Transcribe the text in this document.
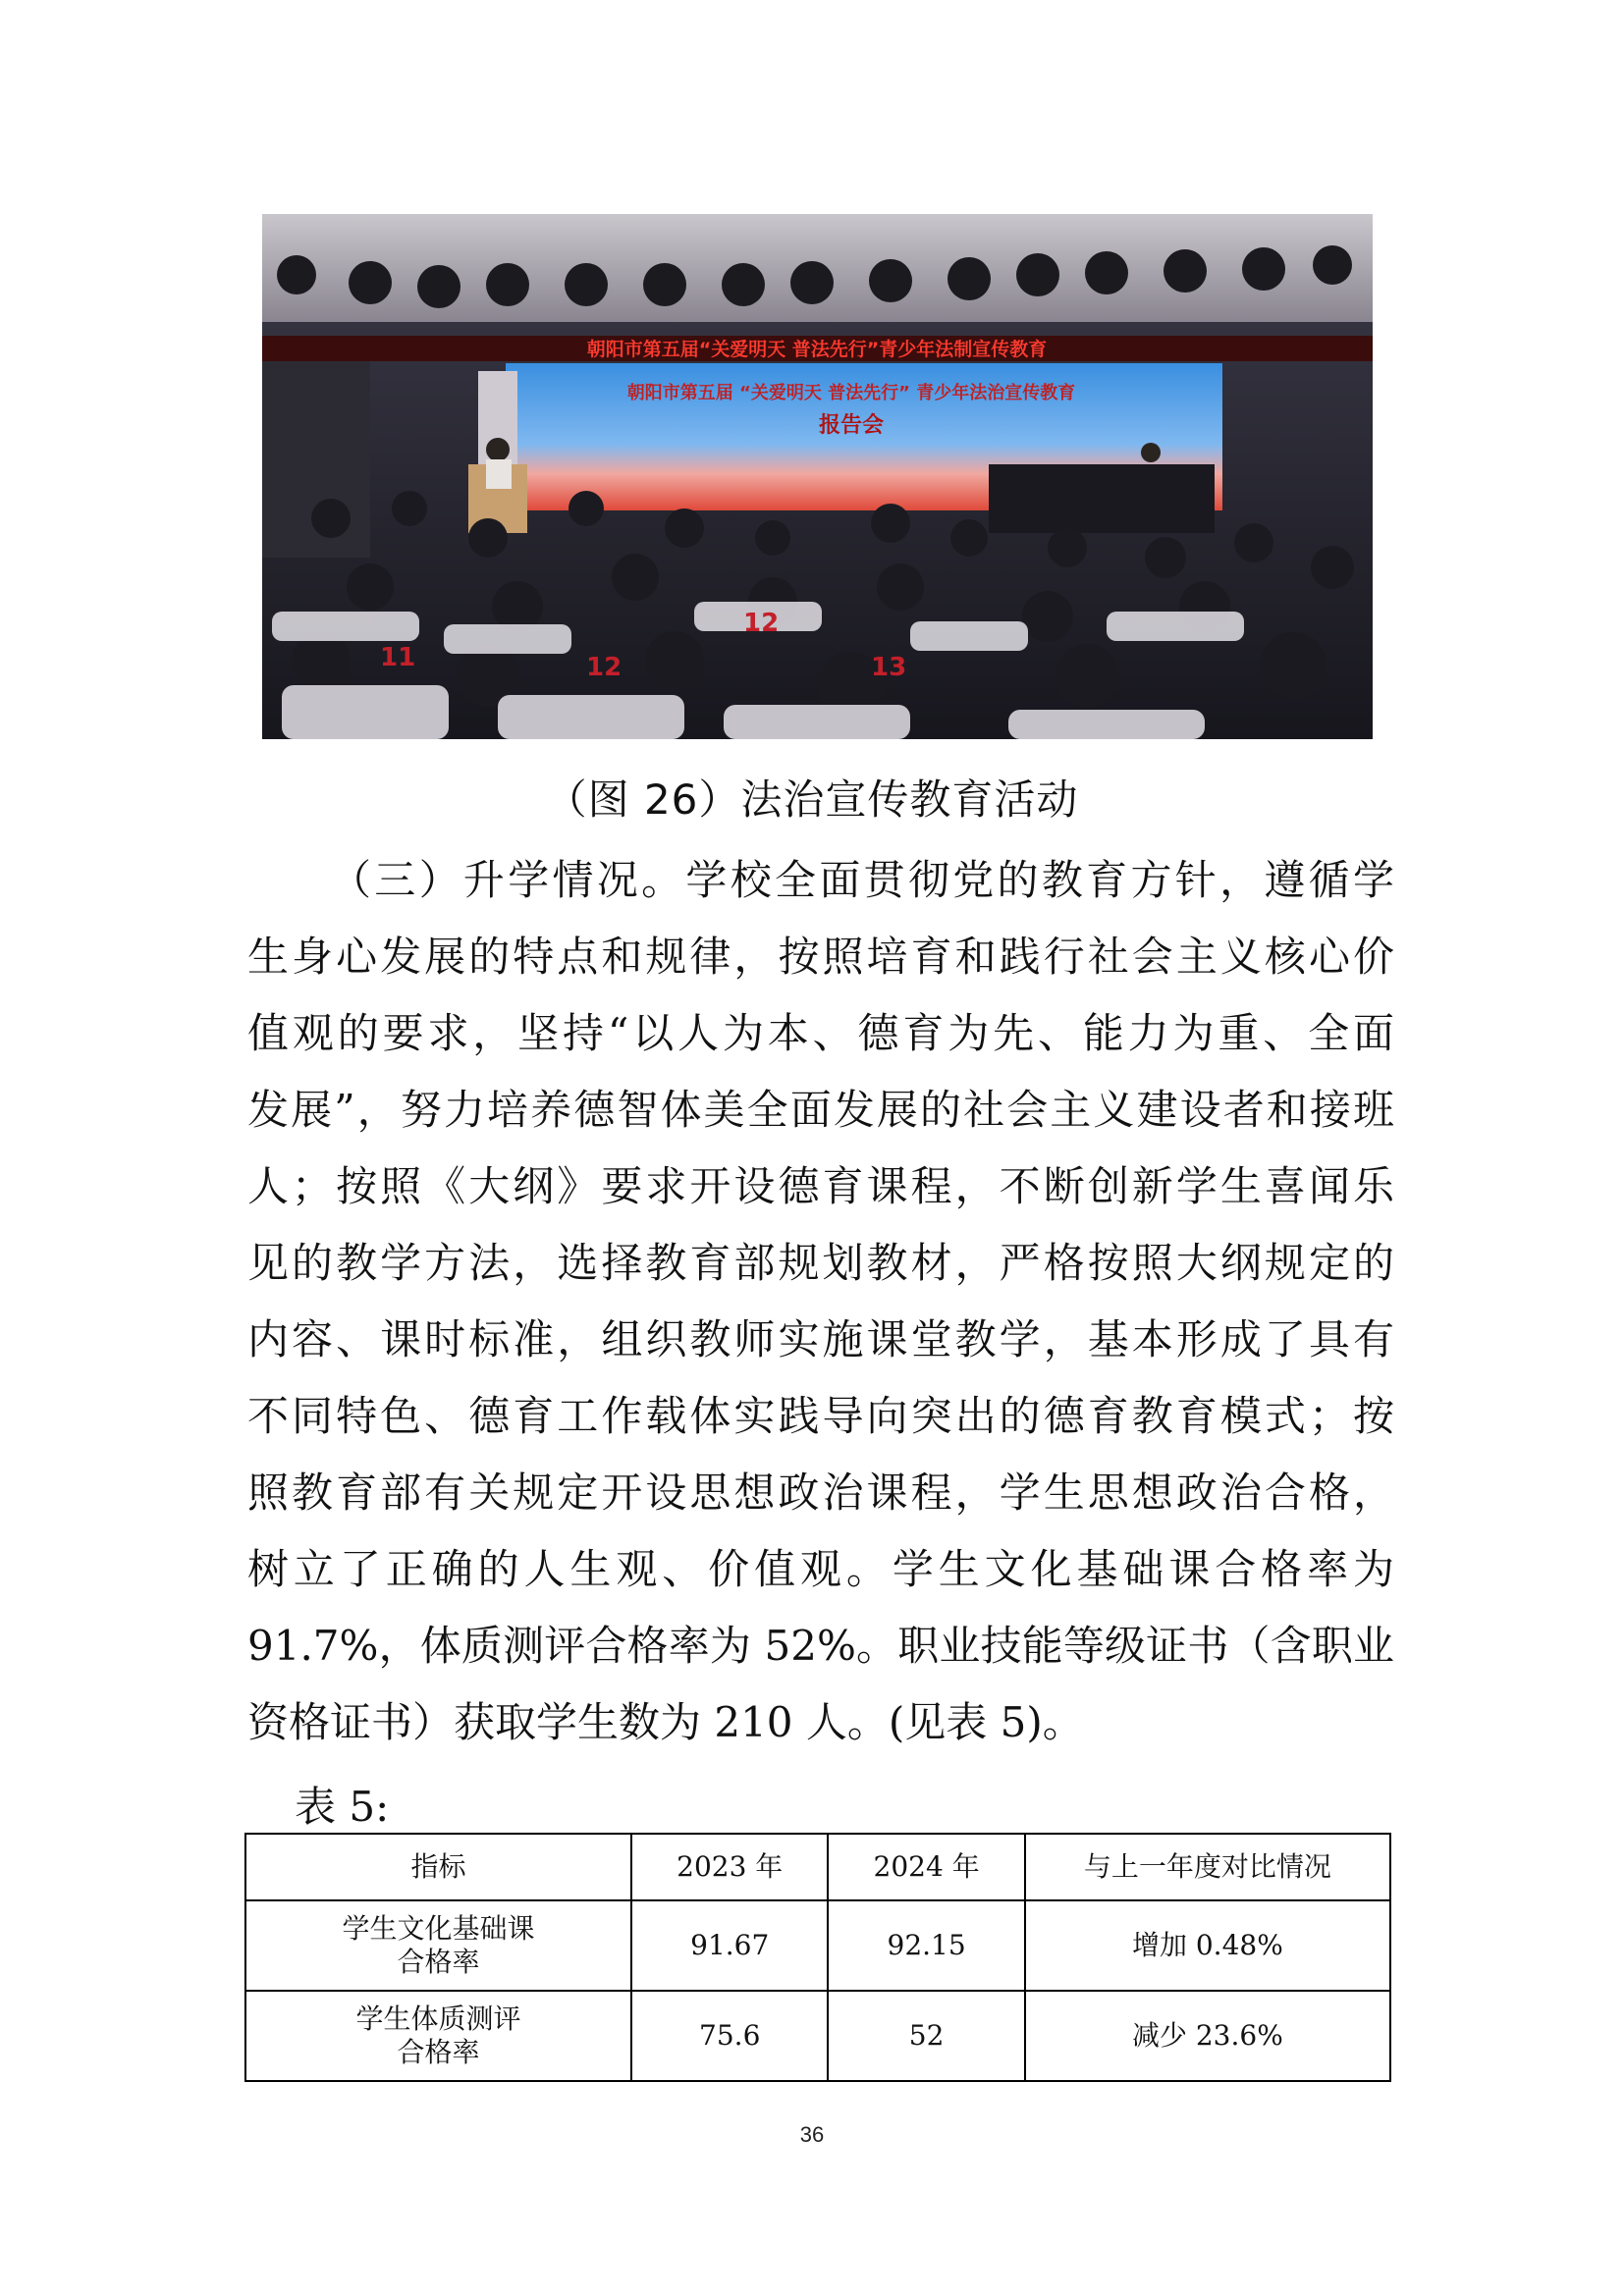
朝阳市第五届“关爱明天 普法先行”青少年法制宣传教育
朝阳市第五届 “关爱明天 普法先行” 青少年法治宣传教育
报告会
11	12	13
12
（图 26）法治宣传教育活动
（三）升学情况。学校全面贯彻党的教育方针，遵循学
生身心发展的特点和规律，按照培育和践行社会主义核心价
值观的要求，坚持“以人为本、德育为先、能力为重、全面
发展”，努力培养德智体美全面发展的社会主义建设者和接班
人；按照《大纲》要求开设德育课程，不断创新学生喜闻乐
见的教学方法，选择教育部规划教材，严格按照大纲规定的
内容、课时标准，组织教师实施课堂教学，基本形成了具有
不同特色、德育工作载体实践导向突出的德育教育模式；按
照教育部有关规定开设思想政治课程，学生思想政治合格，
树立了正确的人生观、价值观。学生文化基础课合格率为
91.7%，体质测评合格率为 52%。职业技能等级证书（含职业
资格证书）获取学生数为 210 人。(见表 5)。
表 5:
指标	2023 年	2024 年	与上一年度对比情况

学生文化基础课
合格率	91.67	92.15	增加 0.48%

学生体质测评
合格率	75.6	52	减少 23.6%
36
